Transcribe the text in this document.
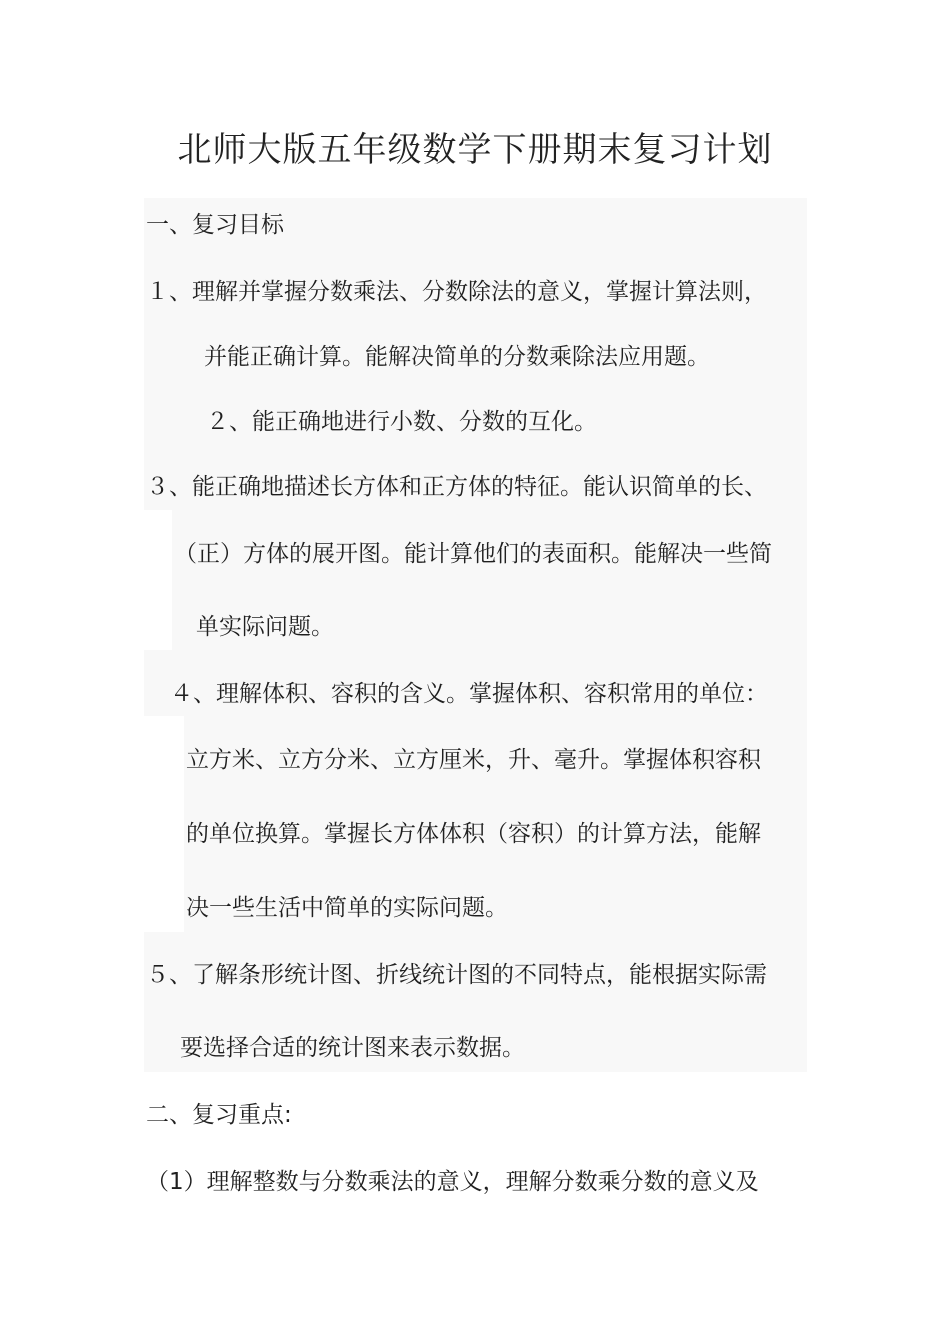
北师大版五年级数学下册期末复习计划
一、复习目标
１、理解并掌握分数乘法、分数除法的意义，掌握计算法则，
并能正确计算。能解决简单的分数乘除法应用题。
２、能正确地进行小数、分数的互化。
３、能正确地描述长方体和正方体的特征。能认识简单的长、
（正）方体的展开图。能计算他们的表面积。能解决一些简
单实际问题。
４、理解体积、容积的含义。掌握体积、容积常用的单位：
立方米、立方分米、立方厘米，升、毫升。掌握体积容积
的单位换算。掌握长方体体积（容积）的计算方法，能解
决一些生活中简单的实际问题。
５、了解条形统计图、折线统计图的不同特点，能根据实际需
要选择合适的统计图来表示数据。
二、复习重点:
（1）理解整数与分数乘法的意义，理解分数乘分数的意义及
